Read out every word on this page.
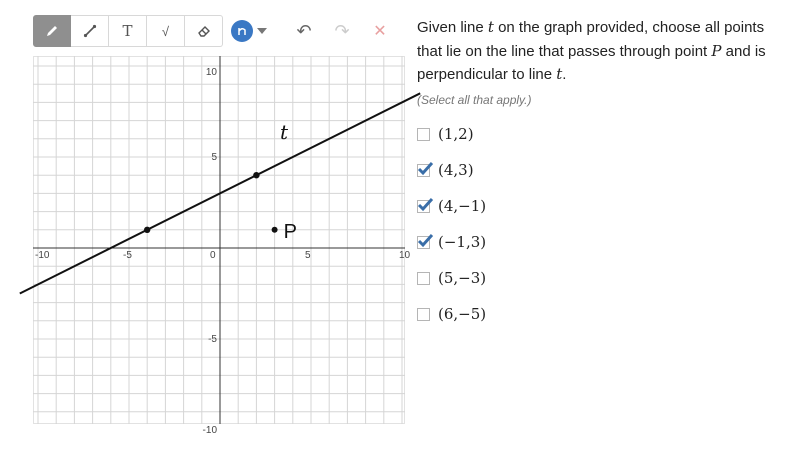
T √	↶ ↷ ✕
-10	-5	0	5	10
10
5
-5
-10
t
P
Given line t on the graph provided, choose all points that lie on the line that passes through point P and is perpendicular to line t.
(Select all that apply.)
(1,2)
(4,3)
(4,−1)
(−1,3)
(5,−3)
(6,−5)
